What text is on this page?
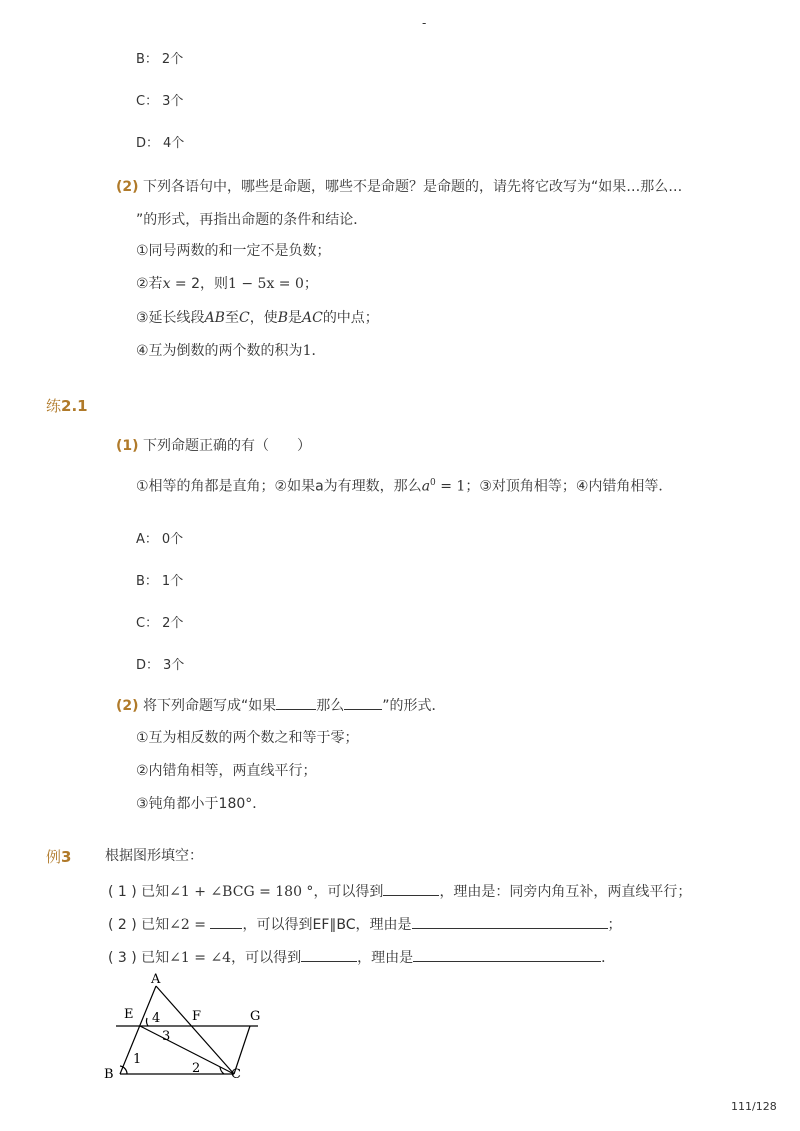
-
B： 2个
C： 3个
D： 4个
(2) 下列各语句中，哪些是命题，哪些不是命题？是命题的，请先将它改写为“如果…那么…
”的形式，再指出命题的条件和结论．
①同号两数的和一定不是负数；
②若x = 2，则1 − 5x = 0；
③延长线段AB至C，使B是AC的中点；
④互为倒数的两个数的积为1．
练2.1
(1) 下列命题正确的有（　　）
①相等的角都是直角；②如果a为有理数，那么$a^0 = 1$；③对顶角相等；④内错角相等．
A： 0个
B： 1个
C： 2个
D： 3个
(2) 将下列命题写成“如果	那么	”的形式．
①互为相反数的两个数之和等于零；
②内错角相等，两直线平行；
③钝角都小于180°．
例3 根据图形填空：
( 1 ) 已知∠1 + ∠BCG = 180 °，可以得到	，理由是：同旁内角互补，两直线平行；
( 2 ) 已知∠2 = ，可以得到EF∥BC，理由是	；
( 3 ) 已知∠1 = ∠4，可以得到	，理由是	．
A
E	F	G
B	C
4
3
1
2
111/128
